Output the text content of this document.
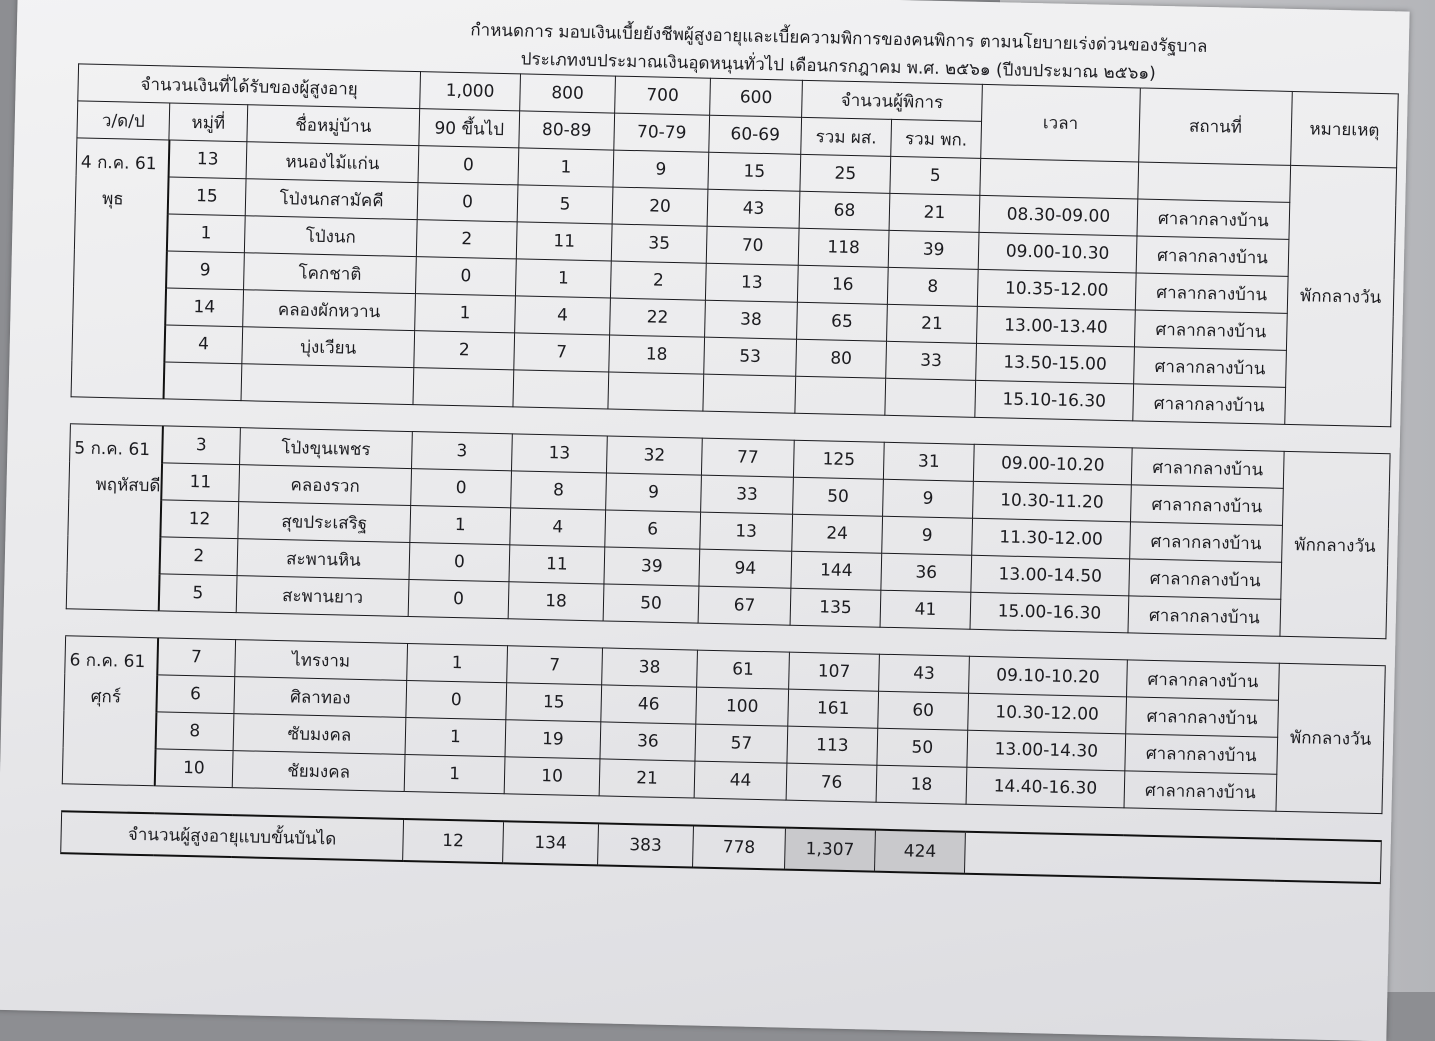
กำหนดการ มอบเงินเบี้ยยังชีพผู้สูงอายุและเบี้ยความพิการของคนพิการ ตามนโยบายเร่งด่วนของรัฐบาล
ประเภทงบประมาณเงินอุดหนุนทั่วไป เดือนกรกฎาคม พ.ศ. ๒๕๖๑ (ปีงบประมาณ ๒๕๖๑)
จำนวนเงินที่ได้รับของผู้สูงอายุ			1,000	800	700	600	จำนวนผู้พิการ		เวลา	สถานที่	หมายเหตุ
ว/ด/ป	หมู่ที่	ชื่อหมู่บ้าน	90 ขึ้นไป	80-89	70-79	60-69	รวม ผส.	รวม พก.			

4 ก.ค. 61
พุธ	13	หนองไม้แก่น	0	1	9	15	25	5			พักกลางวัน
	15	โป่งนกสามัคคี	0	5	20	43	68	21	08.30-09.00	ศาลากลางบ้าน	
	1	โป่งนก	2	11	35	70	118	39	09.00-10.30	ศาลากลางบ้าน	
	9	โคกชาติ	0	1	2	13	16	8	10.35-12.00	ศาลากลางบ้าน	
	14	คลองผักหวาน	1	4	22	38	65	21	13.00-13.40	ศาลากลางบ้าน	
	4	บุ่งเวียน	2	7	18	53	80	33	13.50-15.00	ศาลากลางบ้าน	
									15.10-16.30	ศาลากลางบ้าน	

5 ก.ค. 61
พฤหัสบดี	3	โป่งขุนเพชร	3	13	32	77	125	31	09.00-10.20	ศาลากลางบ้าน	พักกลางวัน
	11	คลองรวก	0	8	9	33	50	9	10.30-11.20	ศาลากลางบ้าน	
	12	สุขประเสริฐ	1	4	6	13	24	9	11.30-12.00	ศาลากลางบ้าน	
	2	สะพานหิน	0	11	39	94	144	36	13.00-14.50	ศาลากลางบ้าน	
	5	สะพานยาว	0	18	50	67	135	41	15.00-16.30	ศาลากลางบ้าน	

6 ก.ค. 61
ศุกร์	7	ไทรงาม	1	7	38	61	107	43	09.10-10.20	ศาลากลางบ้าน	พักกลางวัน
	6	ศิลาทอง	0	15	46	100	161	60	10.30-12.00	ศาลากลางบ้าน	
	8	ซับมงคล	1	19	36	57	113	50	13.00-14.30	ศาลากลางบ้าน	
	10	ชัยมงคล	1	10	21	44	76	18	14.40-16.30	ศาลากลางบ้าน	

จำนวนผู้สูงอายุแบบขั้นบันได			12	134	383	778	1,307	424			
